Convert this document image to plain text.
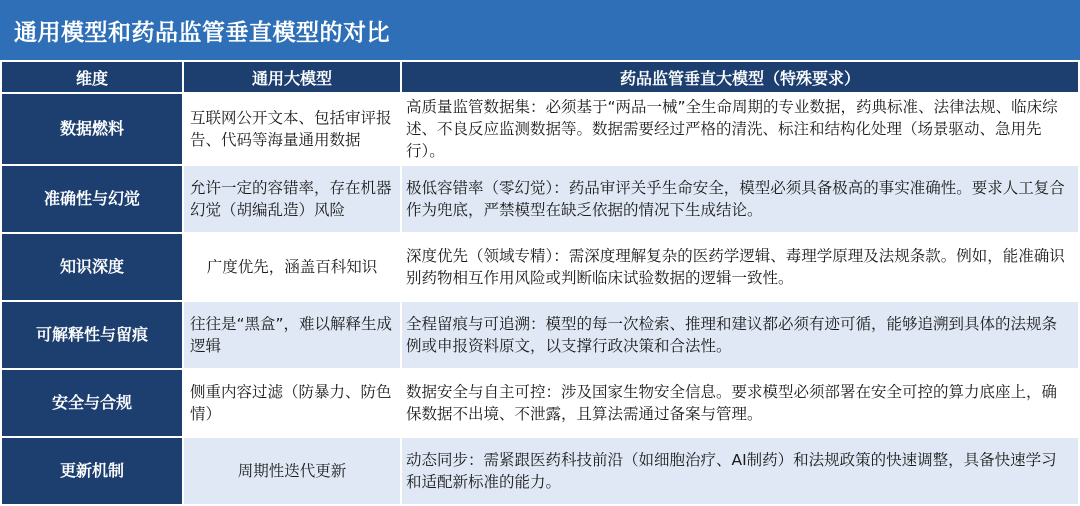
通用模型和药品监管垂直模型的对比
维度	通用大模型	药品监管垂直大模型（特殊要求）
数据燃料	互联网公开文本、包括审评报告、代码等海量通用数据	高质量监管数据集：必须基于“两品一械”全生命周期的专业数据，药典标准、法律法规、临床综述、不良反应监测数据等。数据需要经过严格的清洗、标注和结构化处理（场景驱动、急用先行）。
准确性与幻觉	允许一定的容错率，存在机器幻觉（胡编乱造）风险	极低容错率（零幻觉）：药品审评关乎生命安全，模型必须具备极高的事实准确性。要求人工复合作为兜底，严禁模型在缺乏依据的情况下生成结论。
知识深度	广度优先，涵盖百科知识	深度优先（领域专精）：需深度理解复杂的医药学逻辑、毒理学原理及法规条款。例如，能准确识别药物相互作用风险或判断临床试验数据的逻辑一致性。
可解释性与留痕	往往是“黑盒”，难以解释生成逻辑	全程留痕与可追溯：模型的每一次检索、推理和建议都必须有迹可循，能够追溯到具体的法规条例或申报资料原文，以支撑行政决策和合法性。
安全与合规	侧重内容过滤（防暴力、防色情）	数据安全与自主可控：涉及国家生物安全信息。要求模型必须部署在安全可控的算力底座上，确保数据不出境、不泄露，且算法需通过备案与管理。
更新机制	周期性迭代更新	动态同步：需紧跟医药科技前沿（如细胞治疗、AI制药）和法规政策的快速调整，具备快速学习和适配新标准的能力。
